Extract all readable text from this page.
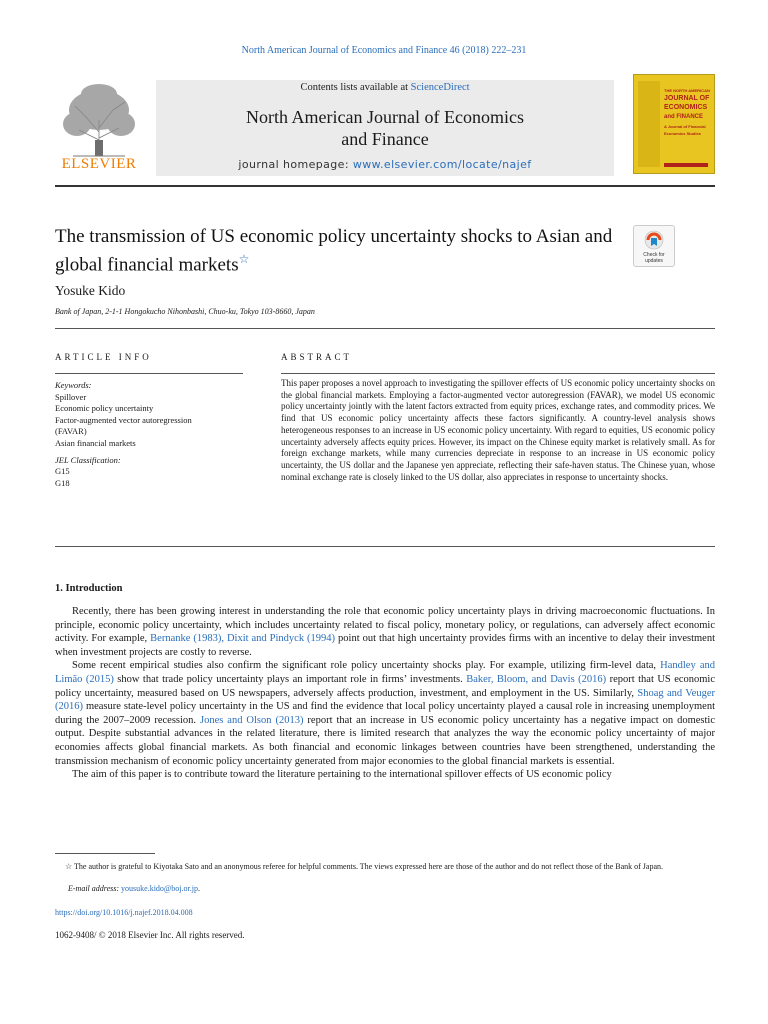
North American Journal of Economics and Finance 46 (2018) 222–231
ELSEVIER
Contents lists available at ScienceDirect
North American Journal of Economics
and Finance
journal homepage: www.elsevier.com/locate/najef
THE NORTH AMERICAN
JOURNAL OF
ECONOMICS
and FINANCE
A Journal of Financial
Economics Studies
The transmission of US economic policy uncertainty shocks to Asian and global financial markets☆	Check for updates
Yosuke Kido
Bank of Japan, 2-1-1 Hongokucho Nihonbashi, Chuo-ku, Tokyo 103-8660, Japan
ARTICLE INFO	ABSTRACT
Keywords:
Spillover
Economic policy uncertainty
Factor-augmented vector autoregression
(FAVAR)
Asian financial markets
JEL Classification:
G15
G18
This paper proposes a novel approach to investigating the spillover effects of US economic policy uncertainty shocks on the global financial markets. Employing a factor-augmented vector autoregression (FAVAR), we model US economic policy uncertainty jointly with the latent factors extracted from equity prices, exchange rates, and commodity prices. We find that US economic policy uncertainty affects these factors significantly. A country-level analysis shows heterogeneous responses to an increase in US economic policy uncertainty. With regard to equities, US economic policy uncertainty adversely affects equity prices. However, its impact on the Chinese equity market is relatively small. As for foreign exchange markets, while many currencies depreciate in response to an increase in US economic policy uncertainty, the US dollar and the Japanese yen appreciate, reflecting their safe-haven status. The Chinese yuan, whose nominal exchange rate is closely linked to the US dollar, also appreciates in response to uncertainty shocks.
1. Introduction

Recently, there has been growing interest in understanding the role that economic policy uncertainty plays in driving macroeconomic fluctuations. In principle, economic policy uncertainty, which includes uncertainty related to fiscal policy, monetary policy, or regulations, can adversely affect economic activity. For example, Bernanke (1983), Dixit and Pindyck (1994) point out that high uncertainty provides firms with an incentive to delay their investment when investment projects are costly to reverse.

Some recent empirical studies also confirm the significant role policy uncertainty shocks play. For example, utilizing firm-level data, Handley and Limão (2015) show that trade policy uncertainty plays an important role in firms’ investments. Baker, Bloom, and Davis (2016) report that US economic policy uncertainty, measured based on US newspapers, adversely affects production, investment, and employment in the US. Similarly, Shoag and Veuger (2016) measure state-level policy uncertainty in the US and find the evidence that local policy uncertainty played a causal role in increasing unemployment during the 2007–2009 recession. Jones and Olson (2013) report that an increase in US economic policy uncertainty has a negative impact on domestic output. Despite substantial advances in the related literature, there is limited research that analyzes the way the economic policy uncertainty of major economies affects global financial markets. As both financial and economic linkages between countries have been strengthened, understanding the transmission mechanism of economic policy uncertainty generated from major economies to the global financial markets is essential.

The aim of this paper is to contribute toward the literature pertaining to the international spillover effects of US economic policy

☆ The author is grateful to Kiyotaka Sato and an anonymous referee for helpful comments. The views expressed here are those of the author and do not reflect those of the Bank of Japan.
E-mail address: yousuke.kido@boj.or.jp.
https://doi.org/10.1016/j.najef.2018.04.008
1062-9408/ © 2018 Elsevier Inc. All rights reserved.
